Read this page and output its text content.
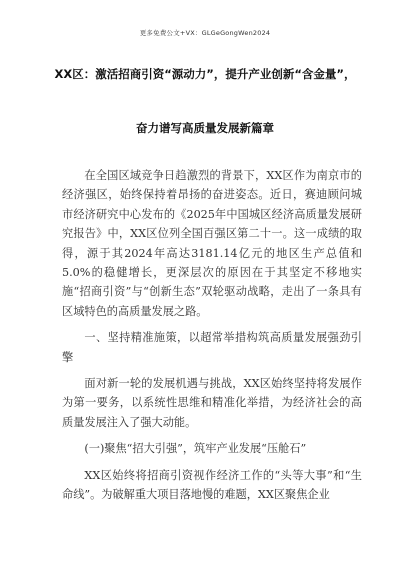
更多免费公文+VX：GLGeGongWen2024
XX区：激活招商引资“源动力”，提升产业创新“含金量”，
奋力谱写高质量发展新篇章

在全国区域竞争日趋激烈的背景下，XX区作为南京市的经济强区，始终保持着昂扬的奋进姿态。近日，赛迪顾问城市经济研究中心发布的《2025年中国城区经济高质量发展研究报告》中，XX区位列全国百强区第二十一。这一成绩的取得，源于其2024年高达3181.14亿元的地区生产总值和5.0%的稳健增长，更深层次的原因在于其坚定不移地实施“招商引资”与“创新生态”双轮驱动战略，走出了一条具有区域特色的高质量发展之路。

一、坚持精准施策，以超常举措构筑高质量发展强劲引擎

面对新一轮的发展机遇与挑战，XX区始终坚持将发展作为第一要务，以系统性思维和精准化举措，为经济社会的高质量发展注入了强大动能。

(一)聚焦“招大引强”，筑牢产业发展“压舱石”

XX区始终将招商引资视作经济工作的“头等大事”和“生命线”。为破解重大项目落地慢的难题，XX区聚焦企业
